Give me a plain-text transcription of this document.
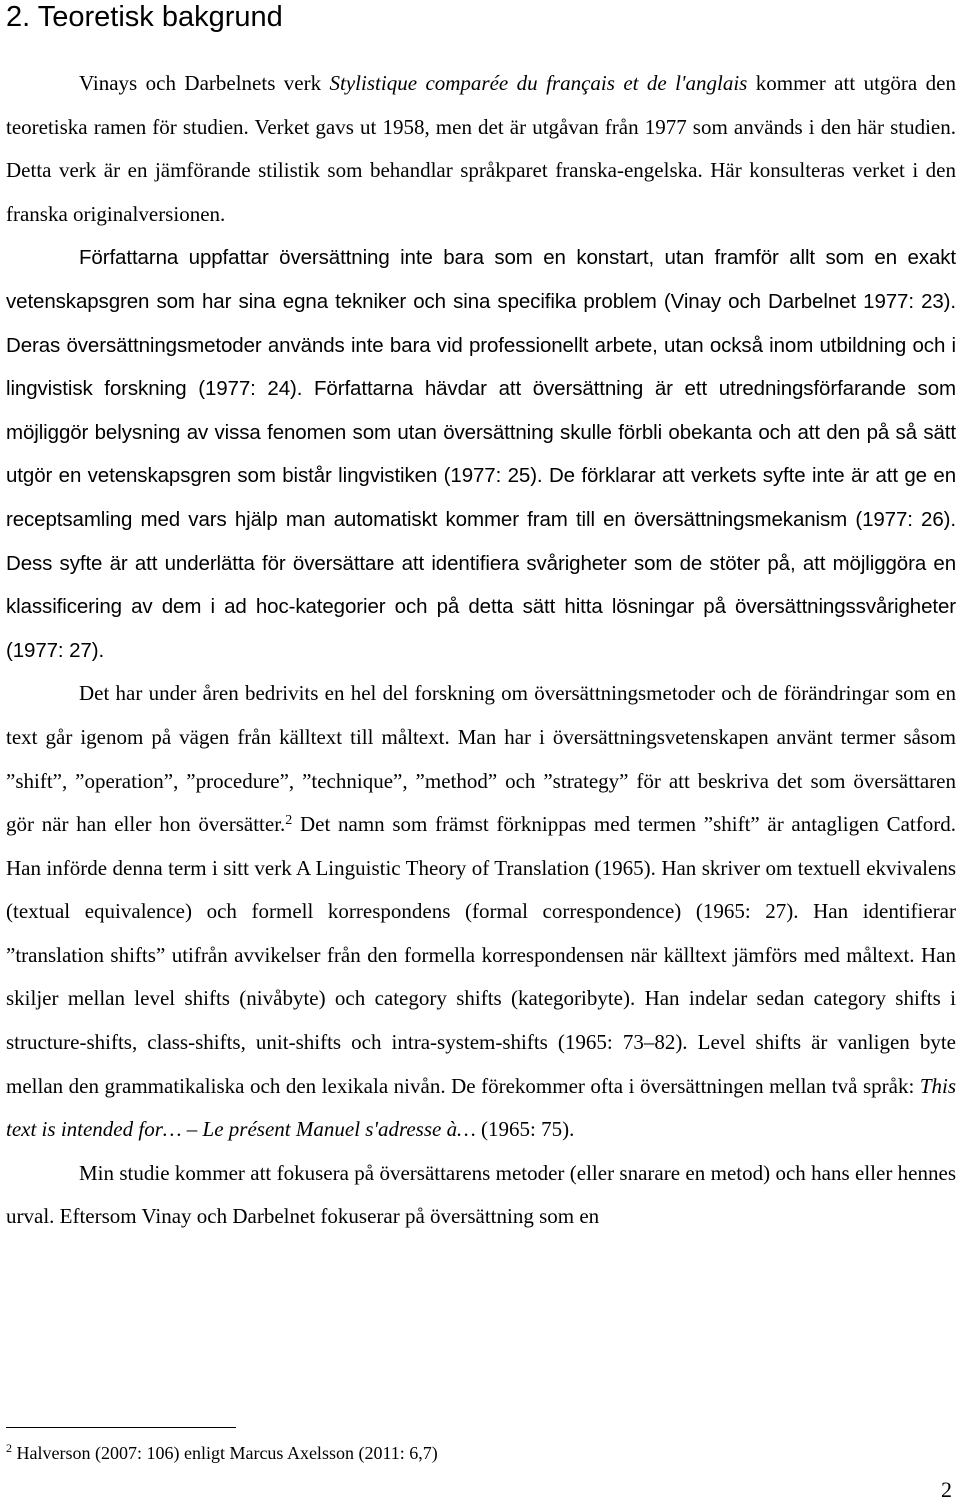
2. Teoretisk bakgrund

Vinays och Darbelnets verk Stylistique comparée du français et de l'anglais kommer att utgöra den teoretiska ramen för studien. Verket gavs ut 1958, men det är utgåvan från 1977 som används i den här studien. Detta verk är en jämförande stilistik som behandlar språkparet franska-engelska. Här konsulteras verket i den franska originalversionen.

Författarna uppfattar översättning inte bara som en konstart, utan framför allt som en exakt vetenskapsgren som har sina egna tekniker och sina specifika problem (Vinay och Darbelnet 1977: 23). Deras översättningsmetoder används inte bara vid professionellt arbete, utan också inom utbildning och i lingvistisk forskning (1977: 24). Författarna hävdar att översättning är ett utredningsförfarande som möjliggör belysning av vissa fenomen som utan översättning skulle förbli obekanta och att den på så sätt utgör en vetenskapsgren som bistår lingvistiken (1977: 25). De förklarar att verkets syfte inte är att ge en receptsamling med vars hjälp man automatiskt kommer fram till en översättningsmekanism (1977: 26). Dess syfte är att underlätta för översättare att identifiera svårigheter som de stöter på, att möjliggöra en klassificering av dem i ad hoc-kategorier och på detta sätt hitta lösningar på översättningssvårigheter (1977: 27).

Det har under åren bedrivits en hel del forskning om översättningsmetoder och de förändringar som en text går igenom på vägen från källtext till måltext. Man har i översättningsvetenskapen använt termer såsom ”shift”, ”operation”, ”procedure”, ”technique”, ”method” och ”strategy” för att beskriva det som översättaren gör när han eller hon översätter.$^2$ Det namn som främst förknippas med termen ”shift” är antagligen Catford. Han införde denna term i sitt verk A Linguistic Theory of Translation (1965). Han skriver om textuell ekvivalens (textual equivalence) och formell korrespondens (formal correspondence) (1965: 27). Han identifierar ”translation shifts” utifrån avvikelser från den formella korrespondensen när källtext jämförs med måltext. Han skiljer mellan level shifts (nivåbyte) och category shifts (kategoribyte). Han indelar sedan category shifts i structure-shifts, class-shifts, unit-shifts och intra-system-shifts (1965: 73–82). Level shifts är vanligen byte mellan den grammatikaliska och den lexikala nivån. De förekommer ofta i översättningen mellan två språk: This text is intended for… – Le présent Manuel s'adresse à… (1965: 75).

Min studie kommer att fokusera på översättarens metoder (eller snarare en metod) och hans eller hennes urval. Eftersom Vinay och Darbelnet fokuserar på översättning som en

$^2$ Halverson (2007: 106) enligt Marcus Axelsson (2011: 6,7)
2
